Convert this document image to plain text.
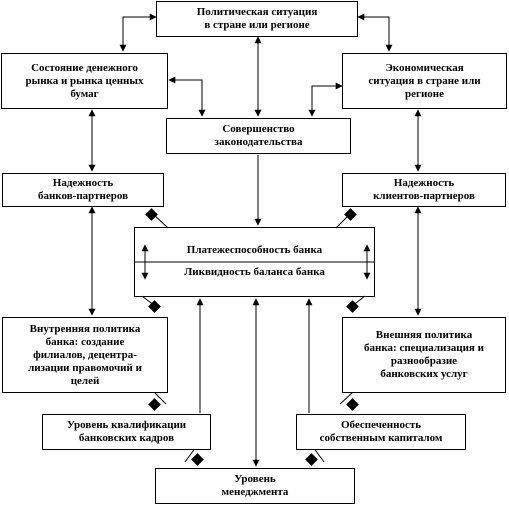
Политическая ситуация
в стране или регионе
Состояние денежного
рынка и рынка ценных
бумаг
Экономическая
ситуация в стране или
регионе
Совершенство
законодательства
Надежность
банков-партнеров
Надежность
клиентов-партнеров
Платежеспособность банка
Ликвидность баланса банка
Внутренняя политика
банка: создание
филиалов, децентра-
лизации правомочий и
целей
Внешняя политика
банка: специализация и
разнообразие
банковских услуг
Уровень квалификации
банковских кадров
Обеспеченность
собственным капиталом
Уровень
менеджмента
